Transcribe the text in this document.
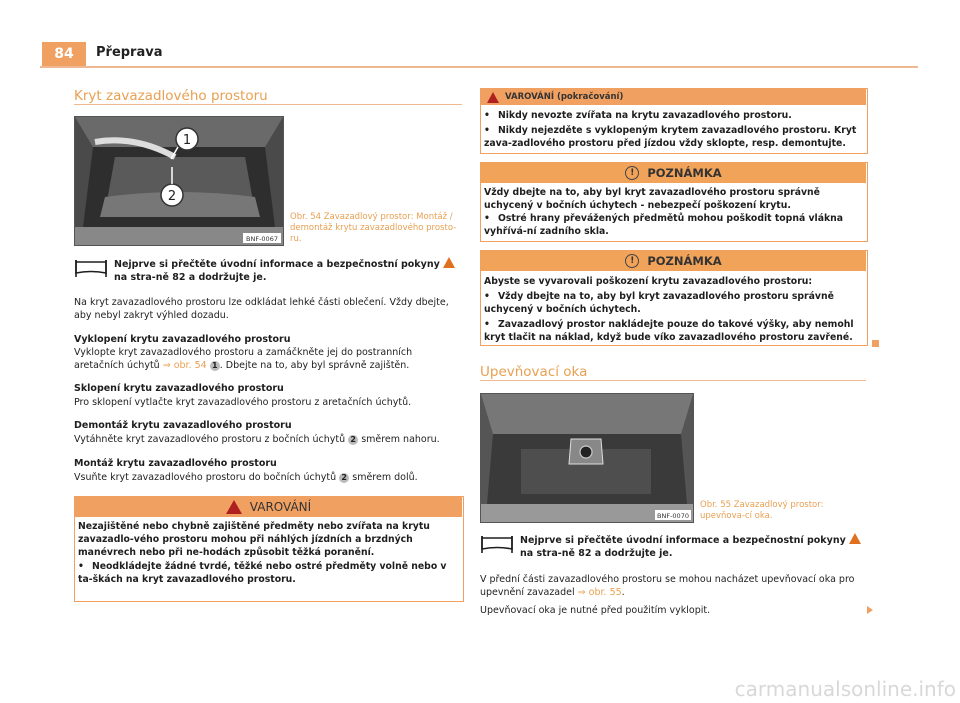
84 Přeprava
Kryt zavazadlového prostoru
1
2
BNF-0067
Obr. 54 Zavazadlový prostor: Montáž / demontáž krytu zavazadlového prosto-ru.
Nejprve si přečtěte úvodní informace a bezpečnostní pokyny  na stra-ně 82 a dodržujte je.
Na kryt zavazadlového prostoru lze odkládat lehké části oblečení. Vždy dbejte, aby nebyl zakryt výhled dozadu.
Vyklopení krytu zavazadlového prostoru
Vyklopte kryt zavazadlového prostoru a zamáčkněte jej do postranních aretačních úchytů ⇒ obr. 54 1 . Dbejte na to, aby byl správně zajištěn.
Sklopení krytu zavazadlového prostoru
Pro sklopení vytlačte kryt zavazadlového prostoru z aretačních úchytů.
Demontáž krytu zavazadlového prostoru
Vytáhněte kryt zavazadlového prostoru z bočních úchytů 2 směrem nahoru.
Montáž krytu zavazadlového prostoru
Vsuňte kryt zavazadlového prostoru do bočních úchytů 2 směrem dolů.
VAROVÁNÍ
Nezajištěné nebo chybně zajištěné předměty nebo zvířata na krytu zavazadlo-vého prostoru mohou při náhlých jízdních a brzdných manévrech nebo při ne-hodách způsobit těžká poranění.
• Neodkládejte žádné tvrdé, těžké nebo ostré předměty volně nebo v ta-škách na kryt zavazadlového prostoru.
VAROVÁNÍ (pokračování)
• Nikdy nevozte zvířata na krytu zavazadlového prostoru.
• Nikdy nejezděte s vyklopeným krytem zavazadlového prostoru. Kryt zava-zadlového prostoru před jízdou vždy sklopte, resp. demontujte.
!	POZNÁMKA
Vždy dbejte na to, aby byl kryt zavazadlového prostoru správně uchycený v bočních úchytech - nebezpečí poškození krytu.
• Ostré hrany převážených předmětů mohou poškodit topná vlákna vyhřívá-ní zadního skla.
!	POZNÁMKA
Abyste se vyvarovali poškození krytu zavazadlového prostoru:
• Vždy dbejte na to, aby byl kryt zavazadlového prostoru správně uchycený v bočních úchytech.
• Zavazadlový prostor nakládejte pouze do takové výšky, aby nemohl kryt tlačit na náklad, když bude víko zavazadlového prostoru zavřené.
Upevňovací oka
BNF-0070
Obr. 55 Zavazadlový prostor: upevňova-cí oka.
Nejprve si přečtěte úvodní informace a bezpečnostní pokyny  na stra-ně 82 a dodržujte je.
V přední části zavazadlového prostoru se mohou nacházet upevňovací oka pro upevnění zavazadel ⇒ obr. 55.
Upevňovací oka je nutné před použitím vyklopit.
carmanualsonline.info
